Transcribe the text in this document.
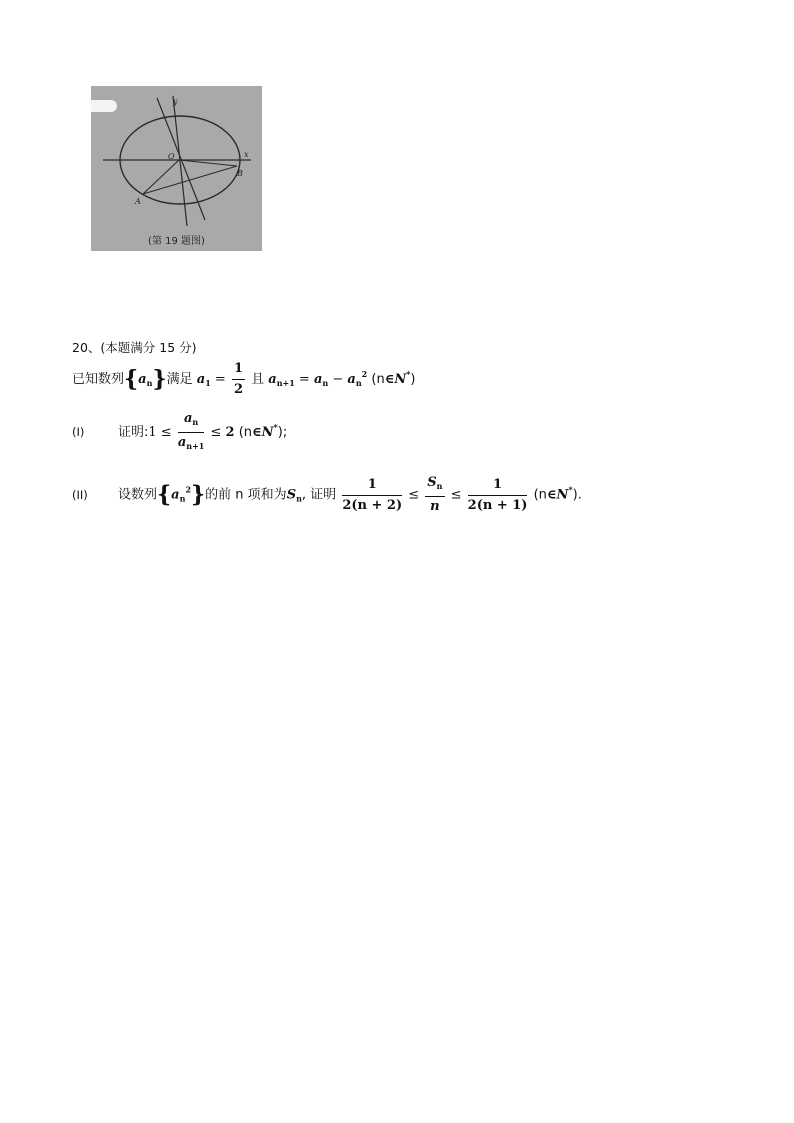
y
x
O
A
B
(第 19 题图)
20、(本题满分 15 分)
已知数列$\{a_n\}$满足 $a_1 = \frac{1}{2}$ 且 $a_{n+1} = a_n - a_n^2$ (n∈N*)
(I)	证明:1 ≤ $\frac{a_n}{a_{n+1}} \le 2$ (n∈N*);
(II) 设数列$\{a_n^2\}$的前 n 项和为$S_n$, 证明 $\frac{1}{2(n + 2)} \le \frac{S_n}{n} \le \frac{1}{2(n + 1)}$ (n∈N*).
